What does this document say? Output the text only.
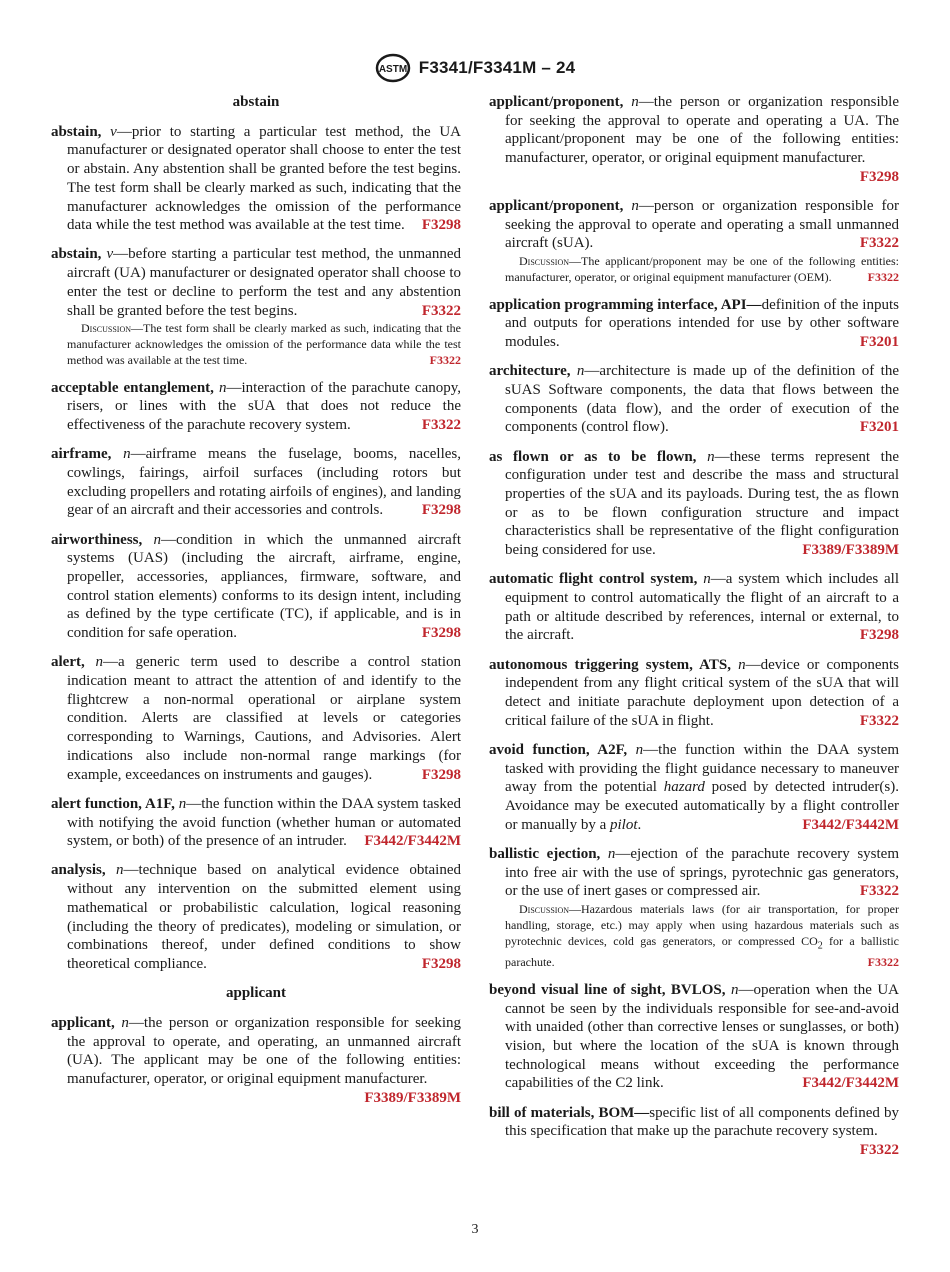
ASTM F3341/F3341M – 24
abstain
abstain, v—prior to starting a particular test method, the UA manufacturer or designated operator shall choose to enter the test or abstain. Any abstention shall be granted before the test begins. The test form shall be clearly marked as such, indicating that the manufacturer acknowledges the omission of the performance data while the test method was available at the test time. F3298
abstain, v—before starting a particular test method, the unmanned aircraft (UA) manufacturer or designated operator shall choose to enter the test or decline to perform the test and any abstention shall be granted before the test begins.	F3322

Discussion—The test form shall be clearly marked as such, indicating that the manufacturer acknowledges the omission of the performance data while the test method was available at the test time.	F3322

acceptable entanglement, n—interaction of the parachute canopy, risers, or lines with the sUA that does not reduce the effectiveness of the parachute recovery system.	F3322
airframe, n—airframe means the fuselage, booms, nacelles, cowlings, fairings, airfoil surfaces (including rotors but excluding propellers and rotating airfoils of engines), and landing gear of an aircraft and their accessories and controls.	F3298
airworthiness, n—condition in which the unmanned aircraft systems (UAS) (including the aircraft, airframe, engine, propeller, accessories, appliances, firmware, software, and control station elements) conforms to its design intent, including as defined by the type certificate (TC), if applicable, and is in condition for safe operation.	F3298
alert, n—a generic term used to describe a control station indication meant to attract the attention of and identify to the flightcrew a non-normal operational or airplane system condition. Alerts are classified at levels or categories corresponding to Warnings, Cautions, and Advisories. Alert indications also include non-normal range markings (for example, exceedances on instruments and gauges).	F3298
alert function, A1F, n—the function within the DAA system tasked with notifying the avoid function (whether human or automated system, or both) of the presence of an intruder. F3442/F3442M
analysis, n—technique based on analytical evidence obtained without any intervention on the submitted element using mathematical or probabilistic calculation, logical reasoning (including the theory of predicates), modeling or simulation, or combinations thereof, under defined conditions to show theoretical compliance.	F3298
applicant
applicant, n—the person or organization responsible for seeking the approval to operate, and operating, an unmanned aircraft (UA). The applicant may be one of the following entities: manufacturer, operator, or original equipment manufacturer.
F3389/F3389M
applicant/proponent, n—the person or organization responsible for seeking the approval to operate and operating a UA. The applicant/proponent may be one of the following entities: manufacturer, operator, or original equipment manufacturer.
F3298
applicant/proponent, n—person or organization responsible for seeking the approval to operate and operating a small unmanned aircraft (sUA).	F3322

Discussion—The applicant/proponent may be one of the following entities: manufacturer, operator, or original equipment manufacturer (OEM).	F3322

application programming interface, API—definition of the inputs and outputs for operations intended for use by other software modules.	F3201
architecture, n—architecture is made up of the definition of the sUAS Software components, the data that flows between the components (data flow), and the order of execution of the components (control flow).	F3201
as flown or as to be flown, n—these terms represent the configuration under test and describe the mass and structural properties of the sUA and its payloads. During test, the as flown or as to be flown configuration structure and impact characteristics shall be representative of the flight configuration being considered for use.	F3389/F3389M
automatic flight control system, n—a system which includes all equipment to control automatically the flight of an aircraft to a path or altitude described by references, internal or external, to the aircraft.	F3298
autonomous triggering system, ATS, n—device or components independent from any flight critical system of the sUA that will detect and initiate parachute deployment upon detection of a critical failure of the sUA in flight.	F3322
avoid function, A2F, n—the function within the DAA system tasked with providing the flight guidance necessary to maneuver away from the potential hazard posed by detected intruder(s). Avoidance may be executed automatically by a flight controller or manually by a pilot.	F3442/F3442M
ballistic ejection, n—ejection of the parachute recovery system into free air with the use of springs, pyrotechnic gas generators, or the use of inert gases or compressed air.	F3322

Discussion—Hazardous materials laws (for air transportation, for proper handling, storage, etc.) may apply when using hazardous materials such as pyrotechnic devices, cold gas generators, or compressed $CO_2$ for a ballistic parachute.	F3322

beyond visual line of sight, BVLOS, n—operation when the UA cannot be seen by the individuals responsible for see-and-avoid with unaided (other than corrective lenses or sunglasses, or both) vision, but where the location of the sUA is known through technological means without exceeding the performance capabilities of the C2 link.	F3442/F3442M
bill of materials, BOM—specific list of all components defined by this specification that make up the parachute recovery system.
F3322
3
